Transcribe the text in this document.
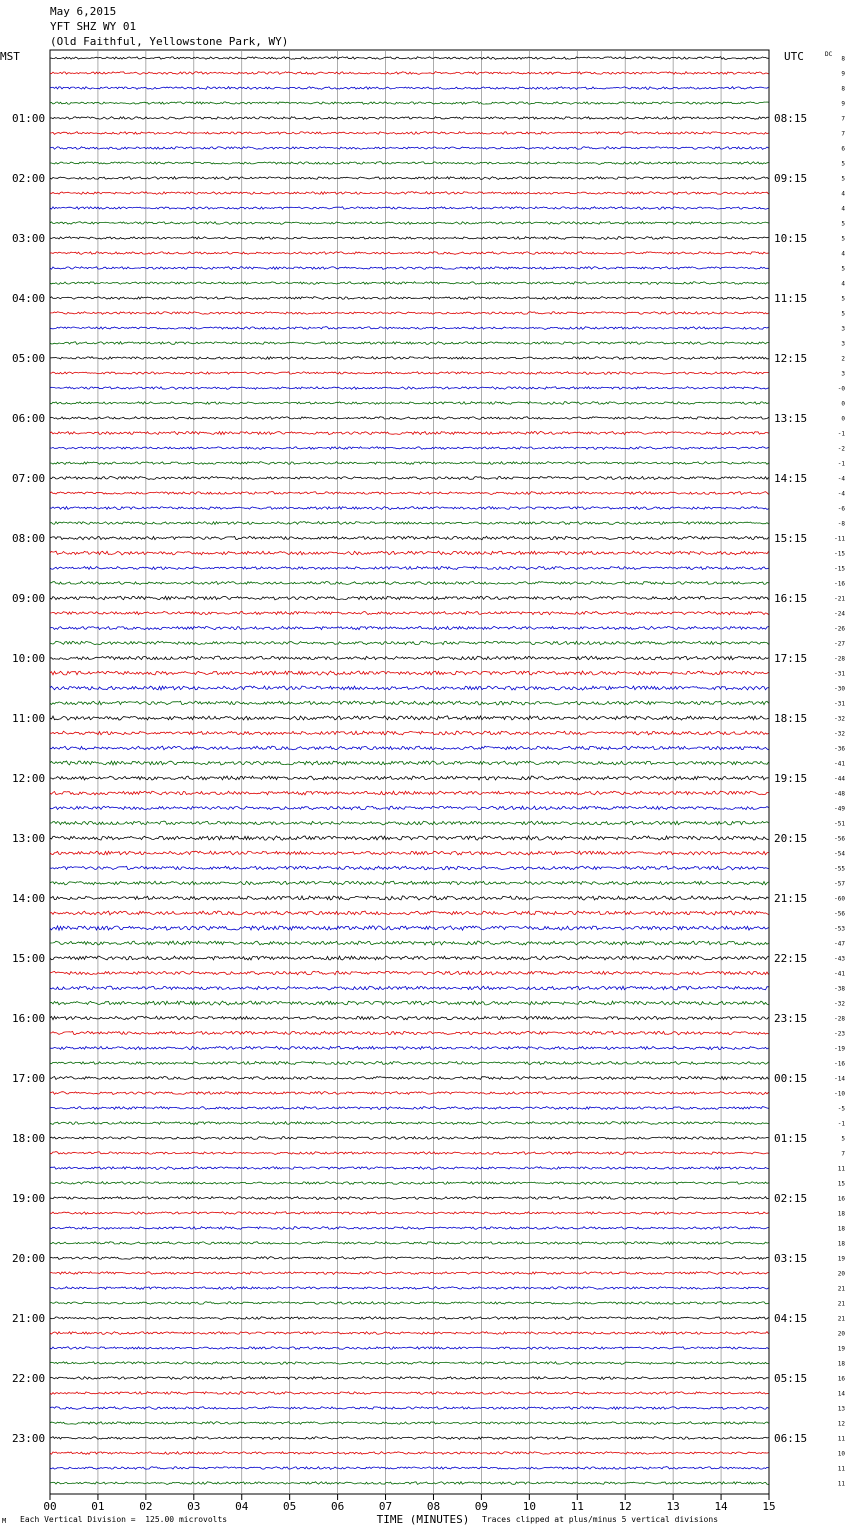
May 6,2015
YFT SHZ WY 01
(Old Faithful, Yellowstone Park, WY)
8
9
8
9
7
7
6
5
5
4
4
5
5
4
5
4
5
5
3
3
2
3
-0
0
0
-1
-2
-1
-4
-4
-6
-8
-11
-15
-15
-16
-21
-24
-26
-27
-28
-31
-30
-31
-32
-32
-36
-41
-44
-48
-49
-51
-56
-54
-55
-57
-60
-56
-53
-47
-43
-41
-38
-32
-28
-23
-19
-16
-14
-10
-5
-1
5
7
11
15
16
18
18
18
19
20
21
21
21
20
19
18
16
14
13
12
11
10
11
11
MST	UTC	DC
01:00	08:15
02:00	09:15
03:00	10:15
04:00	11:15
05:00	12:15
06:00	13:15
07:00	14:15
08:00	15:15
09:00	16:15
10:00	17:15
11:00	18:15
12:00	19:15
13:00	20:15
14:00	21:15
15:00	22:15
16:00	23:15
17:00	00:15
18:00	01:15
19:00	02:15
20:00	03:15
21:00	04:15
22:00	05:15
23:00	06:15
00	01	02	03	04	05	06	07	08	09	10	11	12	13	14	15
TIME (MINUTES)
M Each Vertical Division =  125.00 microvolts	Traces clipped at plus/minus 5 vertical divisions
